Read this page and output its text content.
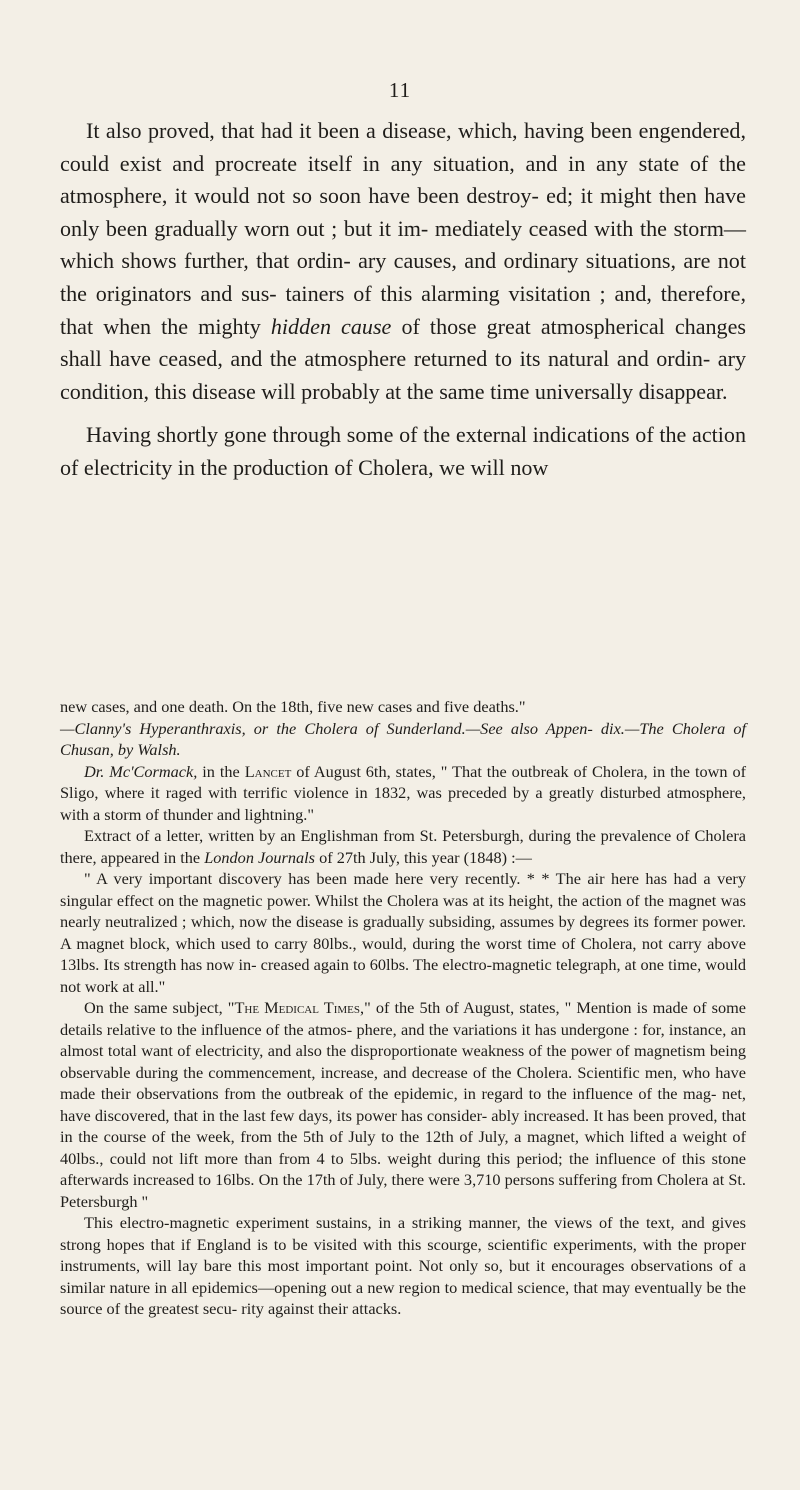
11

It also proved, that had it been a disease, which, having been engendered, could exist and procreate itself in any situation, and in any state of the atmosphere, it would not so soon have been destroy- ed; it might then have only been gradually worn out ; but it im- mediately ceased with the storm—which shows further, that ordin- ary causes, and ordinary situations, are not the originators and sus- tainers of this alarming visitation ; and, therefore, that when the mighty hidden cause of those great atmospherical changes shall have ceased, and the atmosphere returned to its natural and ordin- ary condition, this disease will probably at the same time universally disappear.

Having shortly gone through some of the external indications of the action of electricity in the production of Cholera, we will now

new cases, and one death. On the 18th, five new cases and five deaths."
—Clanny's Hyperanthraxis, or the Cholera of Sunderland.—See also Appen- dix.—The Cholera of Chusan, by Walsh.

Dr. Mc'Cormack, in the Lancet of August 6th, states, " That the outbreak of Cholera, in the town of Sligo, where it raged with terrific violence in 1832, was preceded by a greatly disturbed atmosphere, with a storm of thunder and lightning."

Extract of a letter, written by an Englishman from St. Petersburgh, during the prevalence of Cholera there, appeared in the London Journals of 27th July, this year (1848) :—

" A very important discovery has been made here very recently. * * The air here has had a very singular effect on the magnetic power. Whilst the Cholera was at its height, the action of the magnet was nearly neutralized ; which, now the disease is gradually subsiding, assumes by degrees its former power. A magnet block, which used to carry 80lbs., would, during the worst time of Cholera, not carry above 13lbs. Its strength has now in- creased again to 60lbs. The electro-magnetic telegraph, at one time, would not work at all."

On the same subject, "The Medical Times," of the 5th of August, states, " Mention is made of some details relative to the influence of the atmos- phere, and the variations it has undergone : for, instance, an almost total want of electricity, and also the disproportionate weakness of the power of magnetism being observable during the commencement, increase, and decrease of the Cholera. Scientific men, who have made their observations from the outbreak of the epidemic, in regard to the influence of the mag- net, have discovered, that in the last few days, its power has consider- ably increased. It has been proved, that in the course of the week, from the 5th of July to the 12th of July, a magnet, which lifted a weight of 40lbs., could not lift more than from 4 to 5lbs. weight during this period; the influence of this stone afterwards increased to 16lbs. On the 17th of July, there were 3,710 persons suffering from Cholera at St. Petersburgh "

This electro-magnetic experiment sustains, in a striking manner, the views of the text, and gives strong hopes that if England is to be visited with this scourge, scientific experiments, with the proper instruments, will lay bare this most important point. Not only so, but it encourages observations of a similar nature in all epidemics—opening out a new region to medical science, that may eventually be the source of the greatest secu- rity against their attacks.
